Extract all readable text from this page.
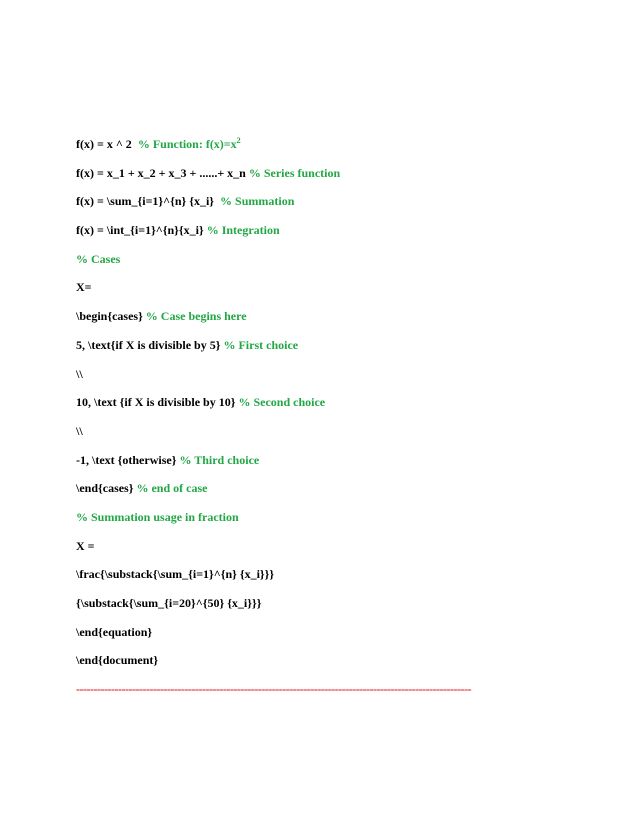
f(x) = x ^ 2  % Function: $f(x)=x^2$
f(x) = x_1 + x_2 + x_3 + ......+ x_n % Series function
f(x) = \sum_{i=1}^{n} {x_i}  % Summation
f(x) = \int_{i=1}^{n}{x_i} % Integration
% Cases
X=
\begin{cases} % Case begins here
5, \text{if X is divisible by 5} % First choice
\\
10, \text {if X is divisible by 10} % Second choice
\\
-1, \text {otherwise} % Third choice
\end{cases} % end of case
% Summation usage in fraction
X =
\frac{\substack{\sum_{i=1}^{n} {x_i}}}
{\substack{\sum_{i=20}^{50} {x_i}}}
\end{equation}
\end{document}
-----------------------------------------------------------------------------------------------------------------
